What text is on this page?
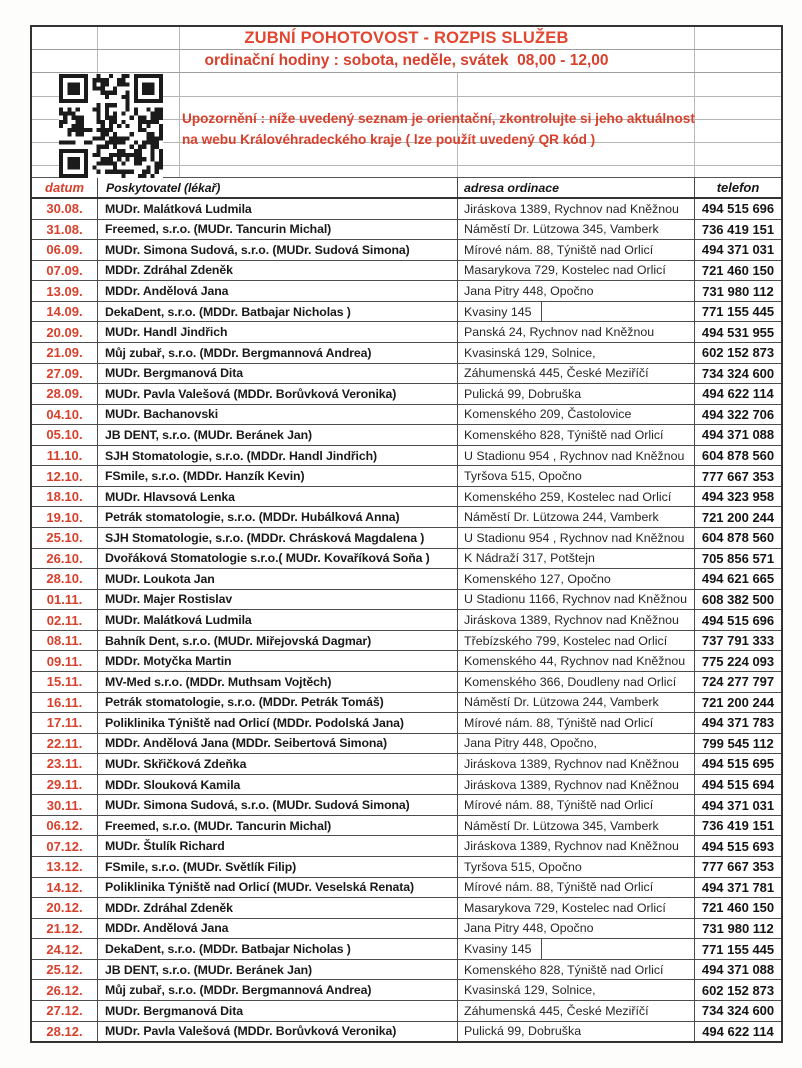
ZUBNÍ POHOTOVOST - ROZPIS SLUŽEB
ordinační hodiny : sobota, neděle, svátek  08,00 - 12,00
Upozornění : níže uvedený seznam je orientační, zkontrolujte si jeho aktuálnost
na webu Královéhradeckého kraje ( lze použít uvedený QR kód )
datum	Poskytovatel (lékař)	adresa ordinace	telefon
30.08.	MUDr. Malátková Ludmila	Jiráskova 1389, Rychnov nad Kněžnou	494 515 696
31.08.	Freemed, s.r.o. (MUDr. Tancurin Michal)	Náměstí Dr. Lützowa 345, Vamberk	736 419 151
06.09.	MUDr. Simona Sudová, s.r.o. (MUDr. Sudová Simona)	Mírové nám. 88, Týniště nad Orlicí	494 371 031
07.09.	MDDr. Zdráhal Zdeněk	Masarykova 729, Kostelec nad Orlicí	721 460 150
13.09.	MDDr. Andělová Jana	Jana Pitry 448, Opočno	731 980 112
14.09.	DekaDent, s.r.o. (MDDr. Batbajar Nicholas )	Kvasiny 145	771 155 445
20.09.	MUDr. Handl Jindřich	Panská 24, Rychnov nad Kněžnou	494 531 955
21.09.	Můj zubař, s.r.o. (MDDr. Bergmannová Andrea)	Kvasinská 129, Solnice,	602 152 873
27.09.	MUDr. Bergmanová Dita	Záhumenská 445, České Meziříčí	734 324 600
28.09.	MUDr. Pavla Valešová (MDDr. Borůvková Veronika)	Pulická 99, Dobruška	494 622 114
04.10.	MUDr. Bachanovski	Komenského 209, Častolovice	494 322 706
05.10.	JB DENT, s.r.o. (MUDr. Beránek Jan)	Komenského 828, Týniště nad Orlicí	494 371 088
11.10.	SJH Stomatologie, s.r.o. (MDDr. Handl Jindřich)	U Stadionu 954 , Rychnov nad Kněžnou	604 878 560
12.10.	FSmile, s.r.o. (MDDr. Hanzík Kevin)	Tyršova 515, Opočno	777 667 353
18.10.	MUDr. Hlavsová Lenka	Komenského 259, Kostelec nad Orlicí	494 323 958
19.10.	Petrák stomatologie, s.r.o. (MDDr. Hubálková Anna)	Náměstí Dr. Lützowa 244, Vamberk	721 200 244
25.10.	SJH Stomatologie, s.r.o. (MDDr. Chrásková Magdalena )	U Stadionu 954 , Rychnov nad Kněžnou	604 878 560
26.10.	Dvořáková Stomatologie s.r.o.( MUDr. Kovaříková Soňa )	K Nádraží 317, Potštejn	705 856 571
28.10.	MUDr. Loukota Jan	Komenského 127, Opočno	494 621 665
01.11.	MUDr. Majer Rostislav	U Stadionu 1166, Rychnov nad Kněžnou	608 382 500
02.11.	MUDr. Malátková Ludmila	Jiráskova 1389, Rychnov nad Kněžnou	494 515 696
08.11.	Bahník Dent, s.r.o. (MUDr. Miřejovská Dagmar)	Třebízského 799, Kostelec nad Orlicí	737 791 333
09.11.	MDDr. Motyčka Martin	Komenského 44, Rychnov nad Kněžnou	775 224 093
15.11.	MV-Med s.r.o. (MDDr. Muthsam Vojtěch)	Komenského 366, Doudleny nad Orlicí	724 277 797
16.11.	Petrák stomatologie, s.r.o. (MDDr. Petrák Tomáš)	Náměstí Dr. Lützowa 244, Vamberk	721 200 244
17.11.	Poliklinika Týniště nad Orlicí (MDDr. Podolská Jana)	Mírové nám. 88, Týniště nad Orlicí	494 371 783
22.11.	MDDr. Andělová Jana (MDDr. Seibertová Simona)	Jana Pitry 448, Opočno,	799 545 112
23.11.	MUDr. Skřičková Zdeňka	Jiráskova 1389, Rychnov nad Kněžnou	494 515 695
29.11.	MDDr. Slouková Kamila	Jiráskova 1389, Rychnov nad Kněžnou	494 515 694
30.11.	MUDr. Simona Sudová, s.r.o. (MUDr. Sudová Simona)	Mírové nám. 88, Týniště nad Orlicí	494 371 031
06.12.	Freemed, s.r.o. (MUDr. Tancurin Michal)	Náměstí Dr. Lützowa 345, Vamberk	736 419 151
07.12.	MUDr. Štulík Richard	Jiráskova 1389, Rychnov nad Kněžnou	494 515 693
13.12.	FSmile, s.r.o. (MUDr. Světlík Filip)	Tyršova 515, Opočno	777 667 353
14.12.	Poliklinika Týniště nad Orlicí (MUDr. Veselská Renata)	Mírové nám. 88, Týniště nad Orlicí	494 371 781
20.12.	MDDr. Zdráhal Zdeněk	Masarykova 729, Kostelec nad Orlicí	721 460 150
21.12.	MDDr. Andělová Jana	Jana Pitry 448, Opočno	731 980 112
24.12.	DekaDent, s.r.o. (MDDr. Batbajar Nicholas )	Kvasiny 145	771 155 445
25.12.	JB DENT, s.r.o. (MUDr. Beránek Jan)	Komenského 828, Týniště nad Orlicí	494 371 088
26.12.	Můj zubař, s.r.o. (MDDr. Bergmannová Andrea)	Kvasinská 129, Solnice,	602 152 873
27.12.	MUDr. Bergmanová Dita	Záhumenská 445, České Meziříčí	734 324 600
28.12.	MUDr. Pavla Valešová (MDDr. Borůvková Veronika)	Pulická 99, Dobruška	494 622 114
